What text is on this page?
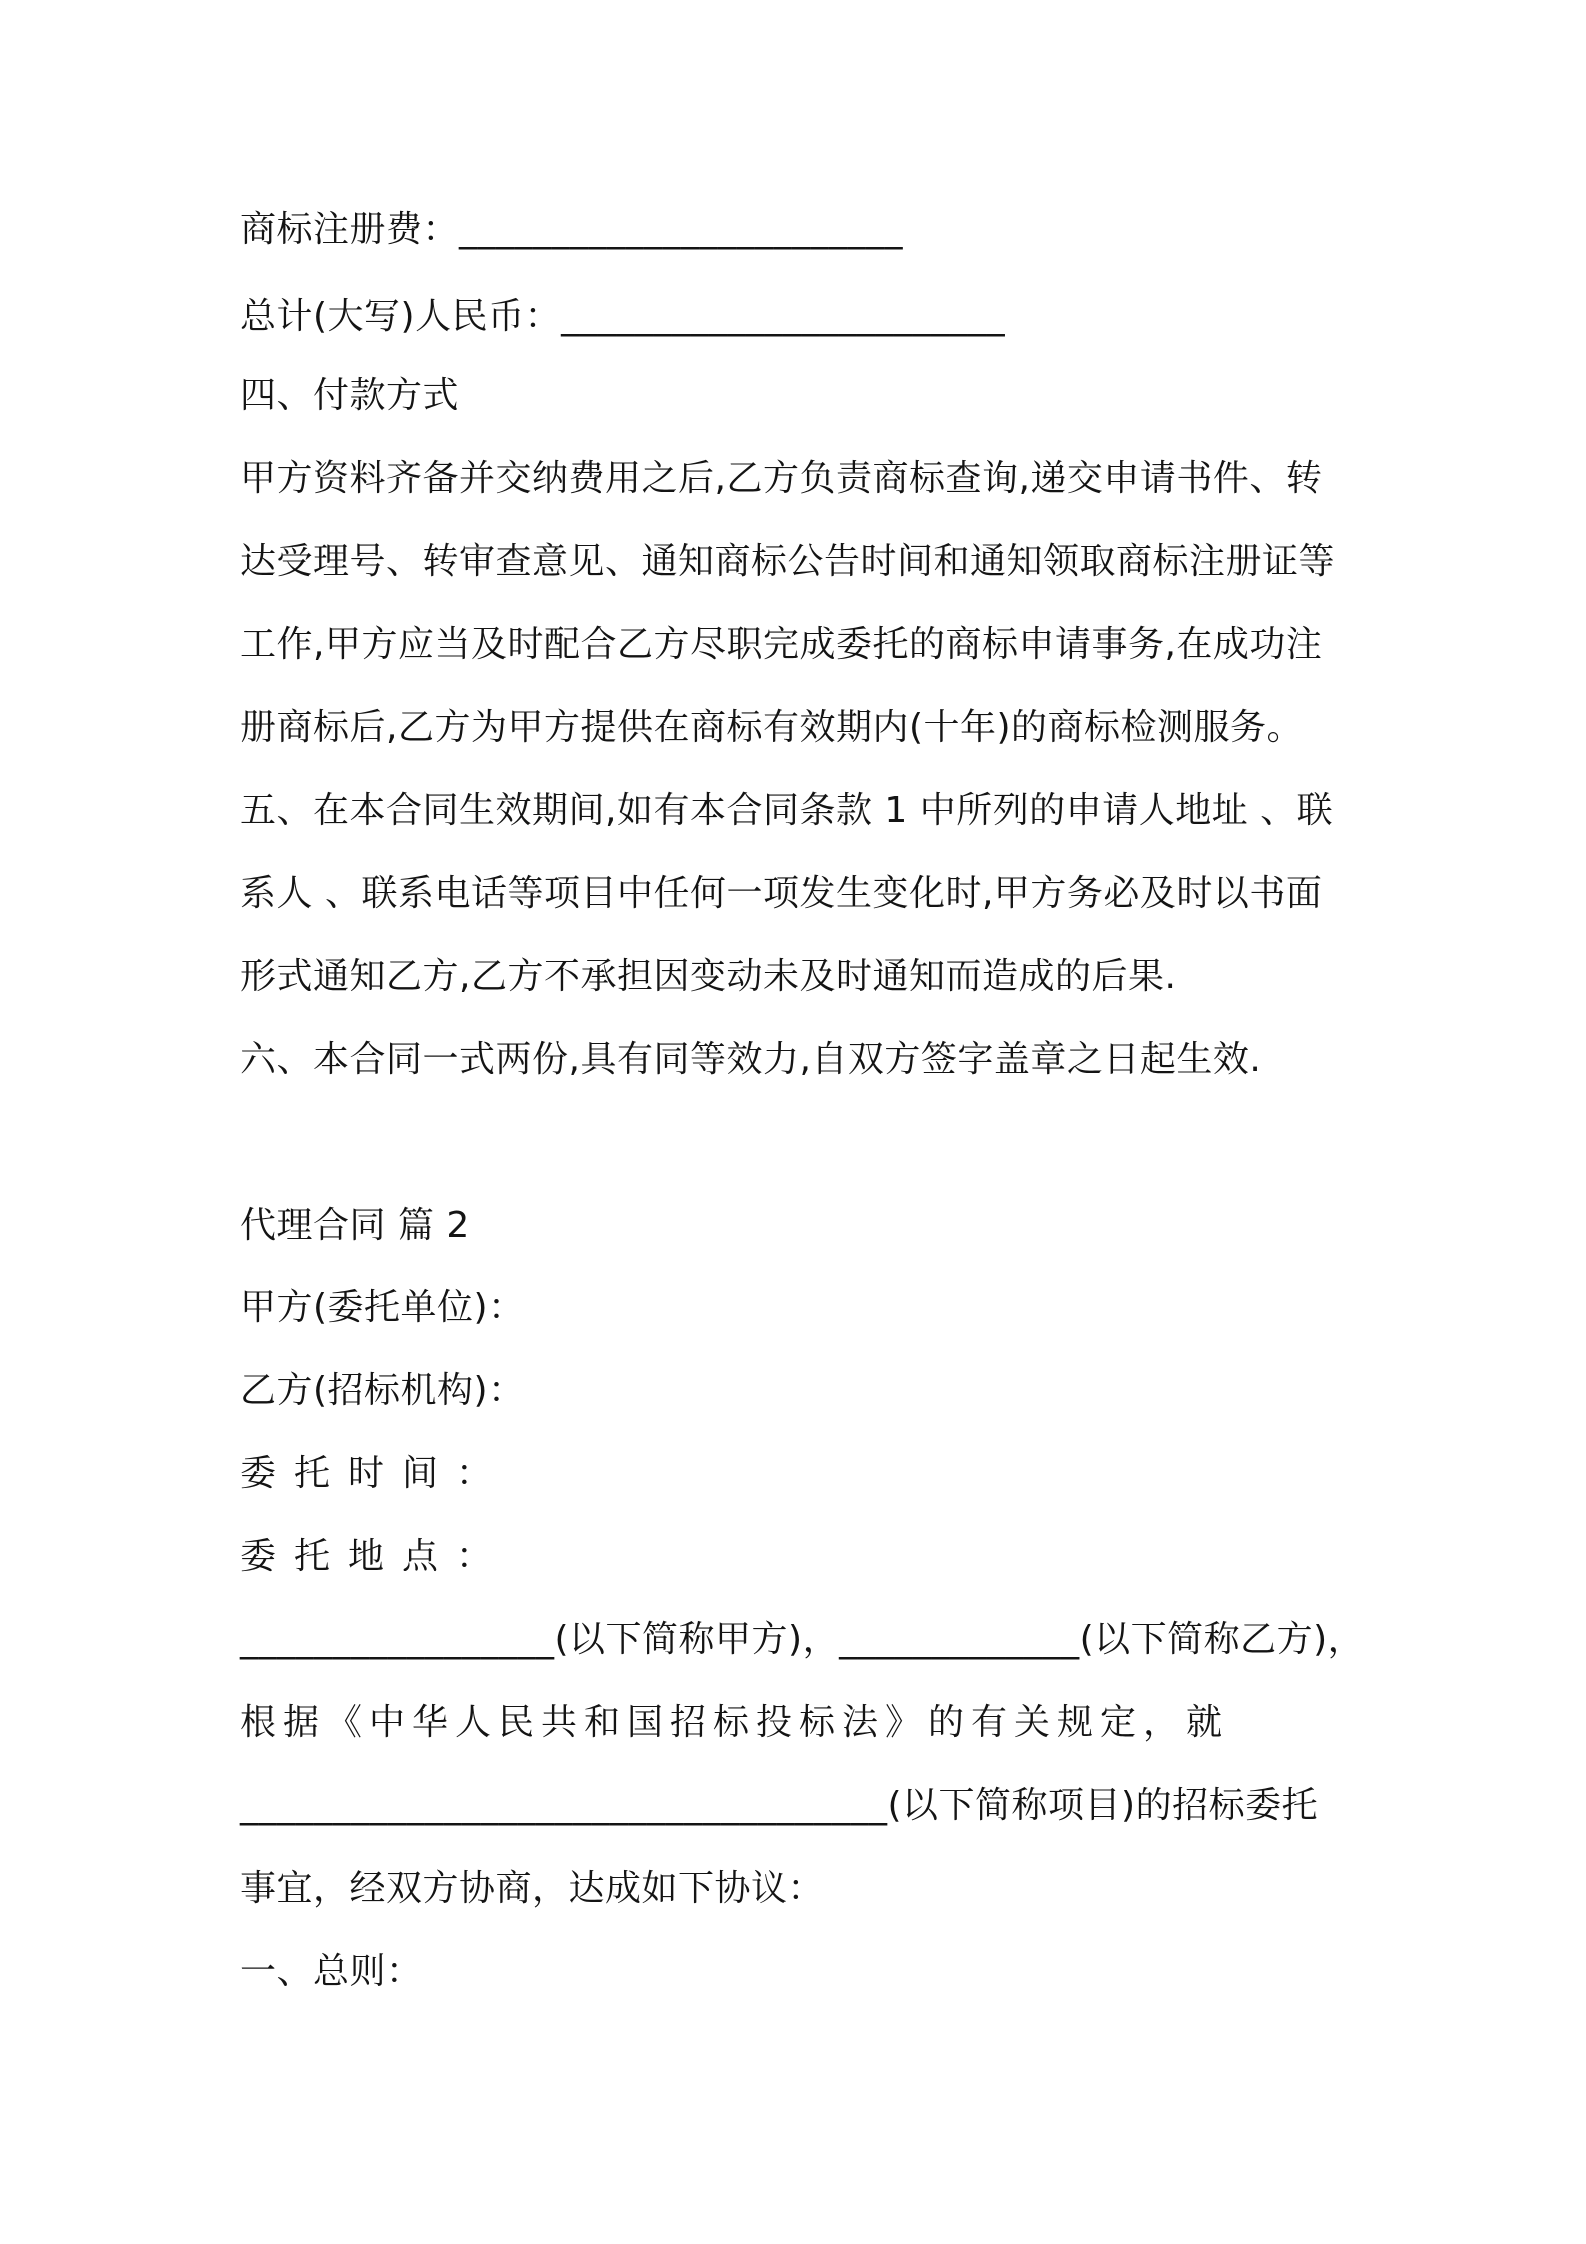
商标注册费：________________________
总计(大写)人民币：________________________
四、付款方式
甲方资料齐备并交纳费用之后,乙方负责商标查询,递交申请书件、转
达受理号、转审查意见、通知商标公告时间和通知领取商标注册证等
工作,甲方应当及时配合乙方尽职完成委托的商标申请事务,在成功注
册商标后,乙方为甲方提供在商标有效期内(十年)的商标检测服务。
五、在本合同生效期间,如有本合同条款 1 中所列的申请人地址 、联
系人 、联系电话等项目中任何一项发生变化时,甲方务必及时以书面
形式通知乙方,乙方不承担因变动未及时通知而造成的后果.
六、本合同一式两份,具有同等效力,自双方签字盖章之日起生效.
代理合同 篇 2
甲方(委托单位)：
乙方(招标机构)：
委托时间：
委托地点：
_________________(以下简称甲方)，_____________(以下简称乙方)，
根据《中华人民共和国招标投标法》的有关规定，就
___________________________________(以下简称项目)的招标委托
事宜，经双方协商，达成如下协议：
一、总则：
